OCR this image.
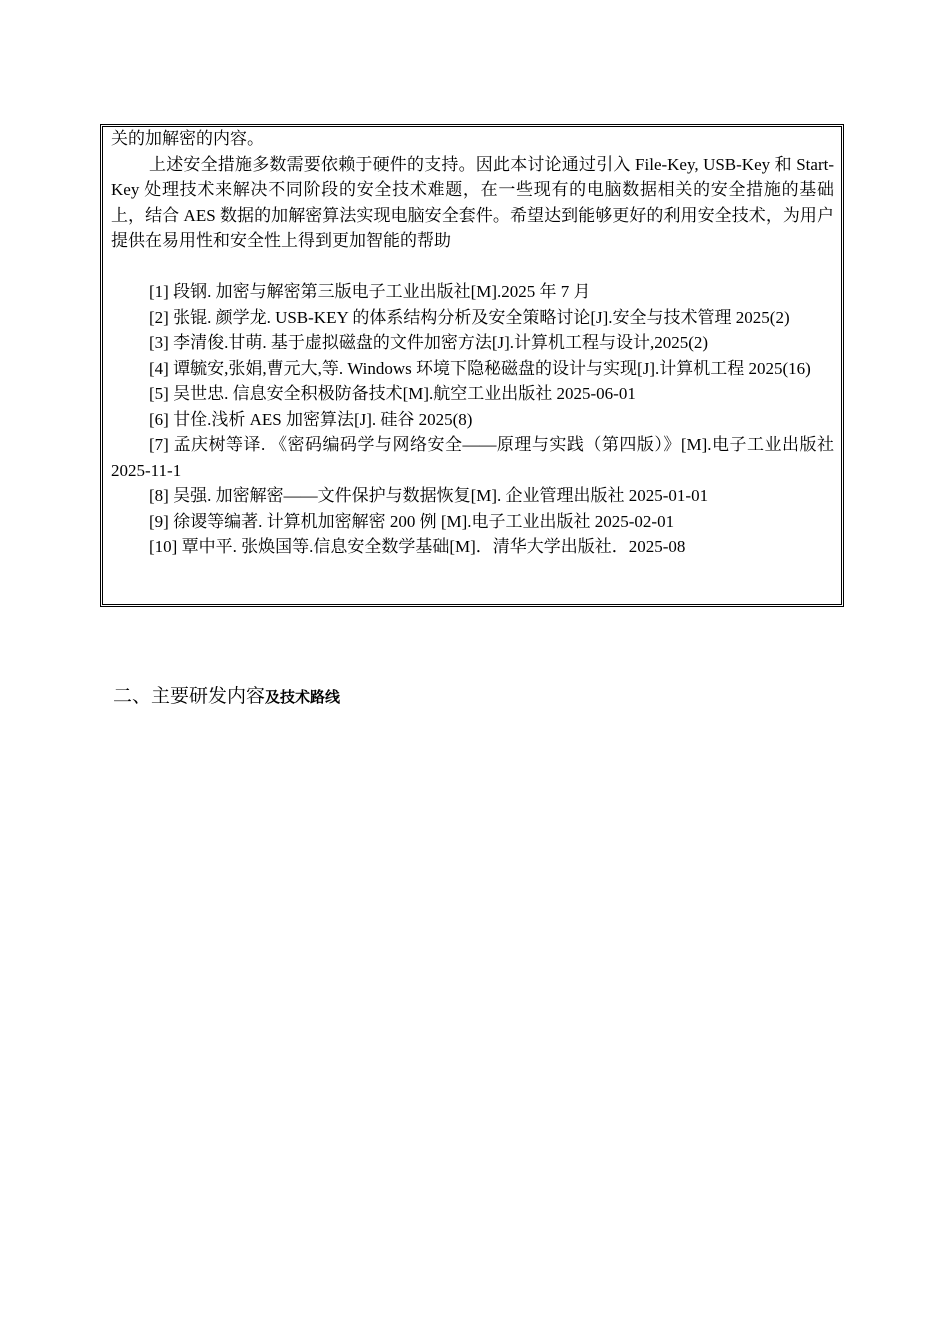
关的加解密的内容。

上述安全措施多数需要依赖于硬件的支持。因此本讨论通过引入 File-Key, USB-Key 和 Start-Key 处理技术来解决不同阶段的安全技术难题，在一些现有的电脑数据相关的安全措施的基础上，结合 AES 数据的加解密算法实现电脑安全套件。希望达到能够更好的利用安全技术，为用户提供在易用性和安全性上得到更加智能的帮助

[1] 段钢. 加密与解密第三版电子工业出版社[M].2025 年 7 月

[2] 张锟. 颜学龙. USB-KEY 的体系结构分析及安全策略讨论[J].安全与技术管理 2025(2)

[3] 李清俊.甘萌. 基于虚拟磁盘的文件加密方法[J].计算机工程与设计,2025(2)

[4] 谭毓安,张娟,曹元大,等. Windows 环境下隐秘磁盘的设计与实现[J].计算机工程 2025(16)

[5] 吴世忠. 信息安全积极防备技术[M].航空工业出版社 2025-06-01

[6] 甘佺.浅析 AES 加密算法[J]. 硅谷 2025(8)

[7] 孟庆树等译. 《密码编码学与网络安全——原理与实践（第四版）》[M].电子工业出版社 2025-11-1

[8] 吴强. 加密解密——文件保护与数据恢复[M]. 企业管理出版社 2025-01-01

[9] 徐谡等编著. 计算机加密解密 200 例 [M].电子工业出版社 2025-02-01

[10] 覃中平. 张焕国等.信息安全数学基础[M]．清华大学出版社．2025-08

二、主要研发内容及技术路线
